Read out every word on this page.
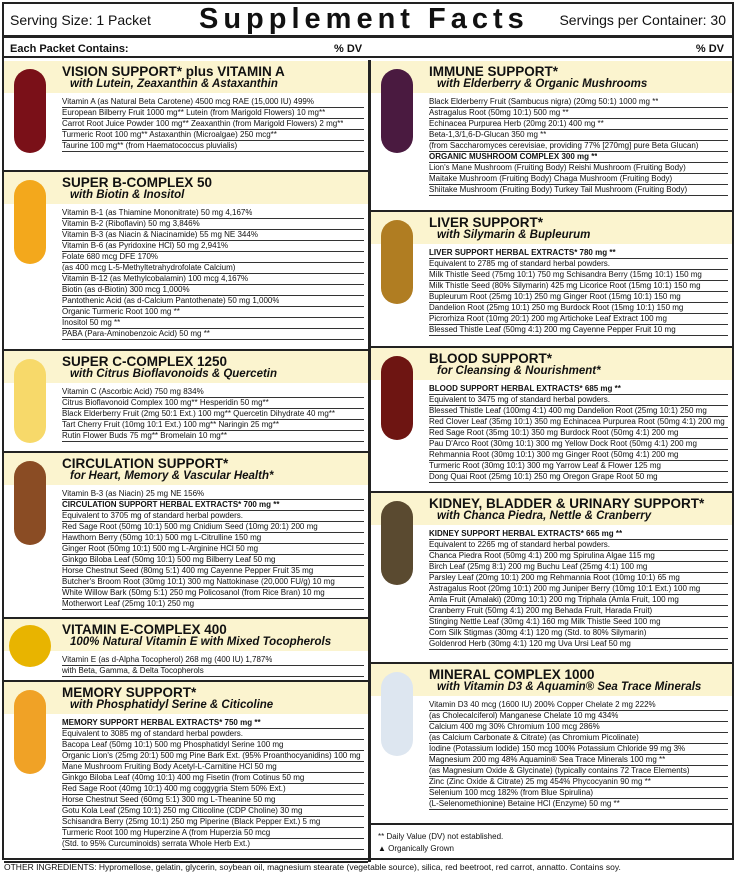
Serving Size: 1 Packet Supplement Facts Servings per Container: 30
Each Packet Contains:	% DV	% DV
VISION SUPPORT* plus VITAMIN A
with Lutein, Zeaxanthin & Astaxanthin
Vitamin A (as Natural Beta Carotene) 4500 mcg RAE (15,000 IU) 499%
European Bilberry Fruit 1000 mg** Lutein (from Marigold Flowers) 10 mg**
Carrot Root Juice Powder 100 mg** Zeaxanthin (from Marigold Flowers) 2 mg**
Turmeric Root 100 mg** Astaxanthin (Microalgae) 250 mcg**
Taurine 100 mg** (from Haematococcus pluvialis)
SUPER B-COMPLEX 50
with Biotin & Inositol
Vitamin B-1 (as Thiamine Mononitrate) 50 mg 4,167%
Vitamin B-2 (Riboflavin) 50 mg 3,846%
Vitamin B-3 (as Niacin & Niacinamide) 55 mg NE 344%
Vitamin B-6 (as Pyridoxine HCl) 50 mg 2,941%
Folate 680 mcg DFE 170%
(as 400 mcg L-5-Methyltetrahydrofolate Calcium)
Vitamin B-12 (as Methylcobalamin) 100 mcg 4,167%
Biotin (as d-Biotin) 300 mcg 1,000%
Pantothenic Acid (as d-Calcium Pantothenate) 50 mg 1,000%
Organic Turmeric Root 100 mg **
Inositol 50 mg **
PABA (Para-Aminobenzoic Acid) 50 mg **
SUPER C-COMPLEX 1250
with Citrus Bioflavonoids & Quercetin
Vitamin C (Ascorbic Acid) 750 mg 834%
Citrus Bioflavonoid Complex 100 mg** Hesperidin 50 mg**
Black Elderberry Fruit (2mg 50:1 Ext.) 100 mg** Quercetin Dihydrate 40 mg**
Tart Cherry Fruit (10mg 10:1 Ext.) 100 mg** Naringin 25 mg**
Rutin Flower Buds 75 mg** Bromelain 10 mg**
CIRCULATION SUPPORT*
for Heart, Memory & Vascular Health*
Vitamin B-3 (as Niacin) 25 mg NE 156%
CIRCULATION SUPPORT HERBAL EXTRACTS* 700 mg **
Equivalent to 3705 mg of standard herbal powders.
Red Sage Root (50mg 10:1) 500 mg Cnidium Seed (10mg 20:1) 200 mg
Hawthorn Berry (50mg 10:1) 500 mg L-Citrulline 150 mg
Ginger Root (50mg 10:1) 500 mg L-Arginine HCl 50 mg
Ginkgo Biloba Leaf (50mg 10:1) 500 mg Bilberry Leaf 50 mg
Horse Chestnut Seed (80mg 5:1) 400 mg Cayenne Pepper Fruit 35 mg
Butcher's Broom Root (30mg 10:1) 300 mg Nattokinase (20,000 FU/g) 10 mg
White Willow Bark (50mg 5:1) 250 mg Policosanol (from Rice Bran) 10 mg
Motherwort Leaf (25mg 10:1) 250 mg
VITAMIN E-COMPLEX 400
100% Natural Vitamin E with Mixed Tocopherols
Vitamin E (as d-Alpha Tocopherol) 268 mg (400 IU) 1,787%
with Beta, Gamma, & Delta Tocopherols
MEMORY SUPPORT*
with Phosphatidyl Serine & Citicoline
MEMORY SUPPORT HERBAL EXTRACTS* 750 mg **
Equivalent to 3085 mg of standard herbal powders.
Bacopa Leaf (50mg 10:1) 500 mg Phosphatidyl Serine 100 mg
Organic Lion's (25mg 20:1) 500 mg Pine Bark Ext. (95% Proanthocyanidins) 100 mg
Mane Mushroom Fruiting Body Acetyl-L-Carnitine HCl 50 mg
Ginkgo Biloba Leaf (40mg 10:1) 400 mg Fisetin (from Cotinus 50 mg
Red Sage Root (40mg 10:1) 400 mg coggygria Stem 50% Ext.)
Horse Chestnut Seed (60mg 5:1) 300 mg L-Theanine 50 mg
Gotu Kola Leaf (25mg 10:1) 250 mg Citicoline (CDP Choline) 30 mg
Schisandra Berry (25mg 10:1) 250 mg Piperine (Black Pepper Ext.) 5 mg
Turmeric Root 100 mg Huperzine A (from Huperzia 50 mcg
(Std. to 95% Curcuminoids) serrata Whole Herb Ext.)
IMMUNE SUPPORT*
with Elderberry & Organic Mushrooms
Black Elderberry Fruit (Sambucus nigra) (20mg 50:1) 1000 mg **
Astragalus Root (50mg 10:1) 500 mg **
Echinacea Purpurea Herb (20mg 20:1) 400 mg **
Beta-1,3/1,6-D-Glucan 350 mg **
(from Saccharomyces cerevisiae, providing 77% [270mg] pure Beta Glucan)
ORGANIC MUSHROOM COMPLEX 300 mg **
Lion's Mane Mushroom (Fruiting Body) Reishi Mushroom (Fruiting Body)
Maitake Mushroom (Fruiting Body) Chaga Mushroom (Fruiting Body)
Shiitake Mushroom (Fruiting Body) Turkey Tail Mushroom (Fruiting Body)
LIVER SUPPORT*
with Silymarin & Bupleurum
LIVER SUPPORT HERBAL EXTRACTS* 780 mg **
Equivalent to 2785 mg of standard herbal powders.
Milk Thistle Seed (75mg 10:1) 750 mg Schisandra Berry (15mg 10:1) 150 mg
Milk Thistle Seed (80% Silymarin) 425 mg Licorice Root (15mg 10:1) 150 mg
Bupleurum Root (25mg 10:1) 250 mg Ginger Root (15mg 10:1) 150 mg
Dandelion Root (25mg 10:1) 250 mg Burdock Root (15mg 10:1) 150 mg
Picrorhiza Root (10mg 20:1) 200 mg Artichoke Leaf Extract 100 mg
Blessed Thistle Leaf (50mg 4:1) 200 mg Cayenne Pepper Fruit 10 mg
BLOOD SUPPORT*
for Cleansing & Nourishment*
BLOOD SUPPORT HERBAL EXTRACTS* 685 mg **
Equivalent to 3475 mg of standard herbal powders.
Blessed Thistle Leaf (100mg 4:1) 400 mg Dandelion Root (25mg 10:1) 250 mg
Red Clover Leaf (35mg 10:1) 350 mg Echinacea Purpurea Root (50mg 4:1) 200 mg
Red Sage Root (35mg 10:1) 350 mg Burdock Root (50mg 4:1) 200 mg
Pau D'Arco Root (30mg 10:1) 300 mg Yellow Dock Root (50mg 4:1) 200 mg
Rehmannia Root (30mg 10:1) 300 mg Ginger Root (50mg 4:1) 200 mg
Turmeric Root (30mg 10:1) 300 mg Yarrow Leaf & Flower 125 mg
Dong Quai Root (25mg 10:1) 250 mg Oregon Grape Root 50 mg
KIDNEY, BLADDER & URINARY SUPPORT*
with Chanca Piedra, Nettle & Cranberry
KIDNEY SUPPORT HERBAL EXTRACTS* 665 mg **
Equivalent to 2265 mg of standard herbal powders.
Chanca Piedra Root (50mg 4:1) 200 mg Spirulina Algae 115 mg
Birch Leaf (25mg 8:1) 200 mg Buchu Leaf (25mg 4:1) 100 mg
Parsley Leaf (20mg 10:1) 200 mg Rehmannia Root (10mg 10:1) 65 mg
Astragalus Root (20mg 10:1) 200 mg Juniper Berry (10mg 10:1 Ext.) 100 mg
Amla Fruit (Amalaki) (20mg 10:1) 200 mg Triphala (Amla Fruit, 100 mg
Cranberry Fruit (50mg 4:1) 200 mg Behada Fruit, Harada Fruit)
Stinging Nettle Leaf (30mg 4:1) 160 mg Milk Thistle Seed 100 mg
Corn Silk Stigmas (30mg 4:1) 120 mg (Std. to 80% Silymarin)
Goldenrod Herb (30mg 4:1) 120 mg Uva Ursi Leaf 50 mg
MINERAL COMPLEX 1000
with Vitamin D3 & Aquamin® Sea Trace Minerals
Vitamin D3 40 mcg (1600 IU) 200% Copper Chelate 2 mg 222%
(as Cholecalciferol) Manganese Chelate 10 mg 434%
Calcium 400 mg 30% Chromium 100 mcg 286%
(as Calcium Carbonate & Citrate) (as Chromium Picolinate)
Iodine (Potassium Iodide) 150 mcg 100% Potassium Chloride 99 mg 3%
Magnesium 200 mg 48% Aquamin® Sea Trace Minerals 100 mg **
(as Magnesium Oxide & Glycinate) (typically contains 72 Trace Elements)
Zinc (Zinc Oxide & Citrate) 25 mg 454% Phycocyanin 90 mg **
Selenium 100 mcg 182% (from Blue Spirulina)
(L-Selenomethionine) Betaine HCl (Enzyme) 50 mg **
** Daily Value (DV) not established.
▲ Organically Grown
OTHER INGREDIENTS: Hypromellose, gelatin, glycerin, soybean oil, magnesium stearate (vegetable source), silica, red beetroot, red carrot, annatto. Contains soy.
